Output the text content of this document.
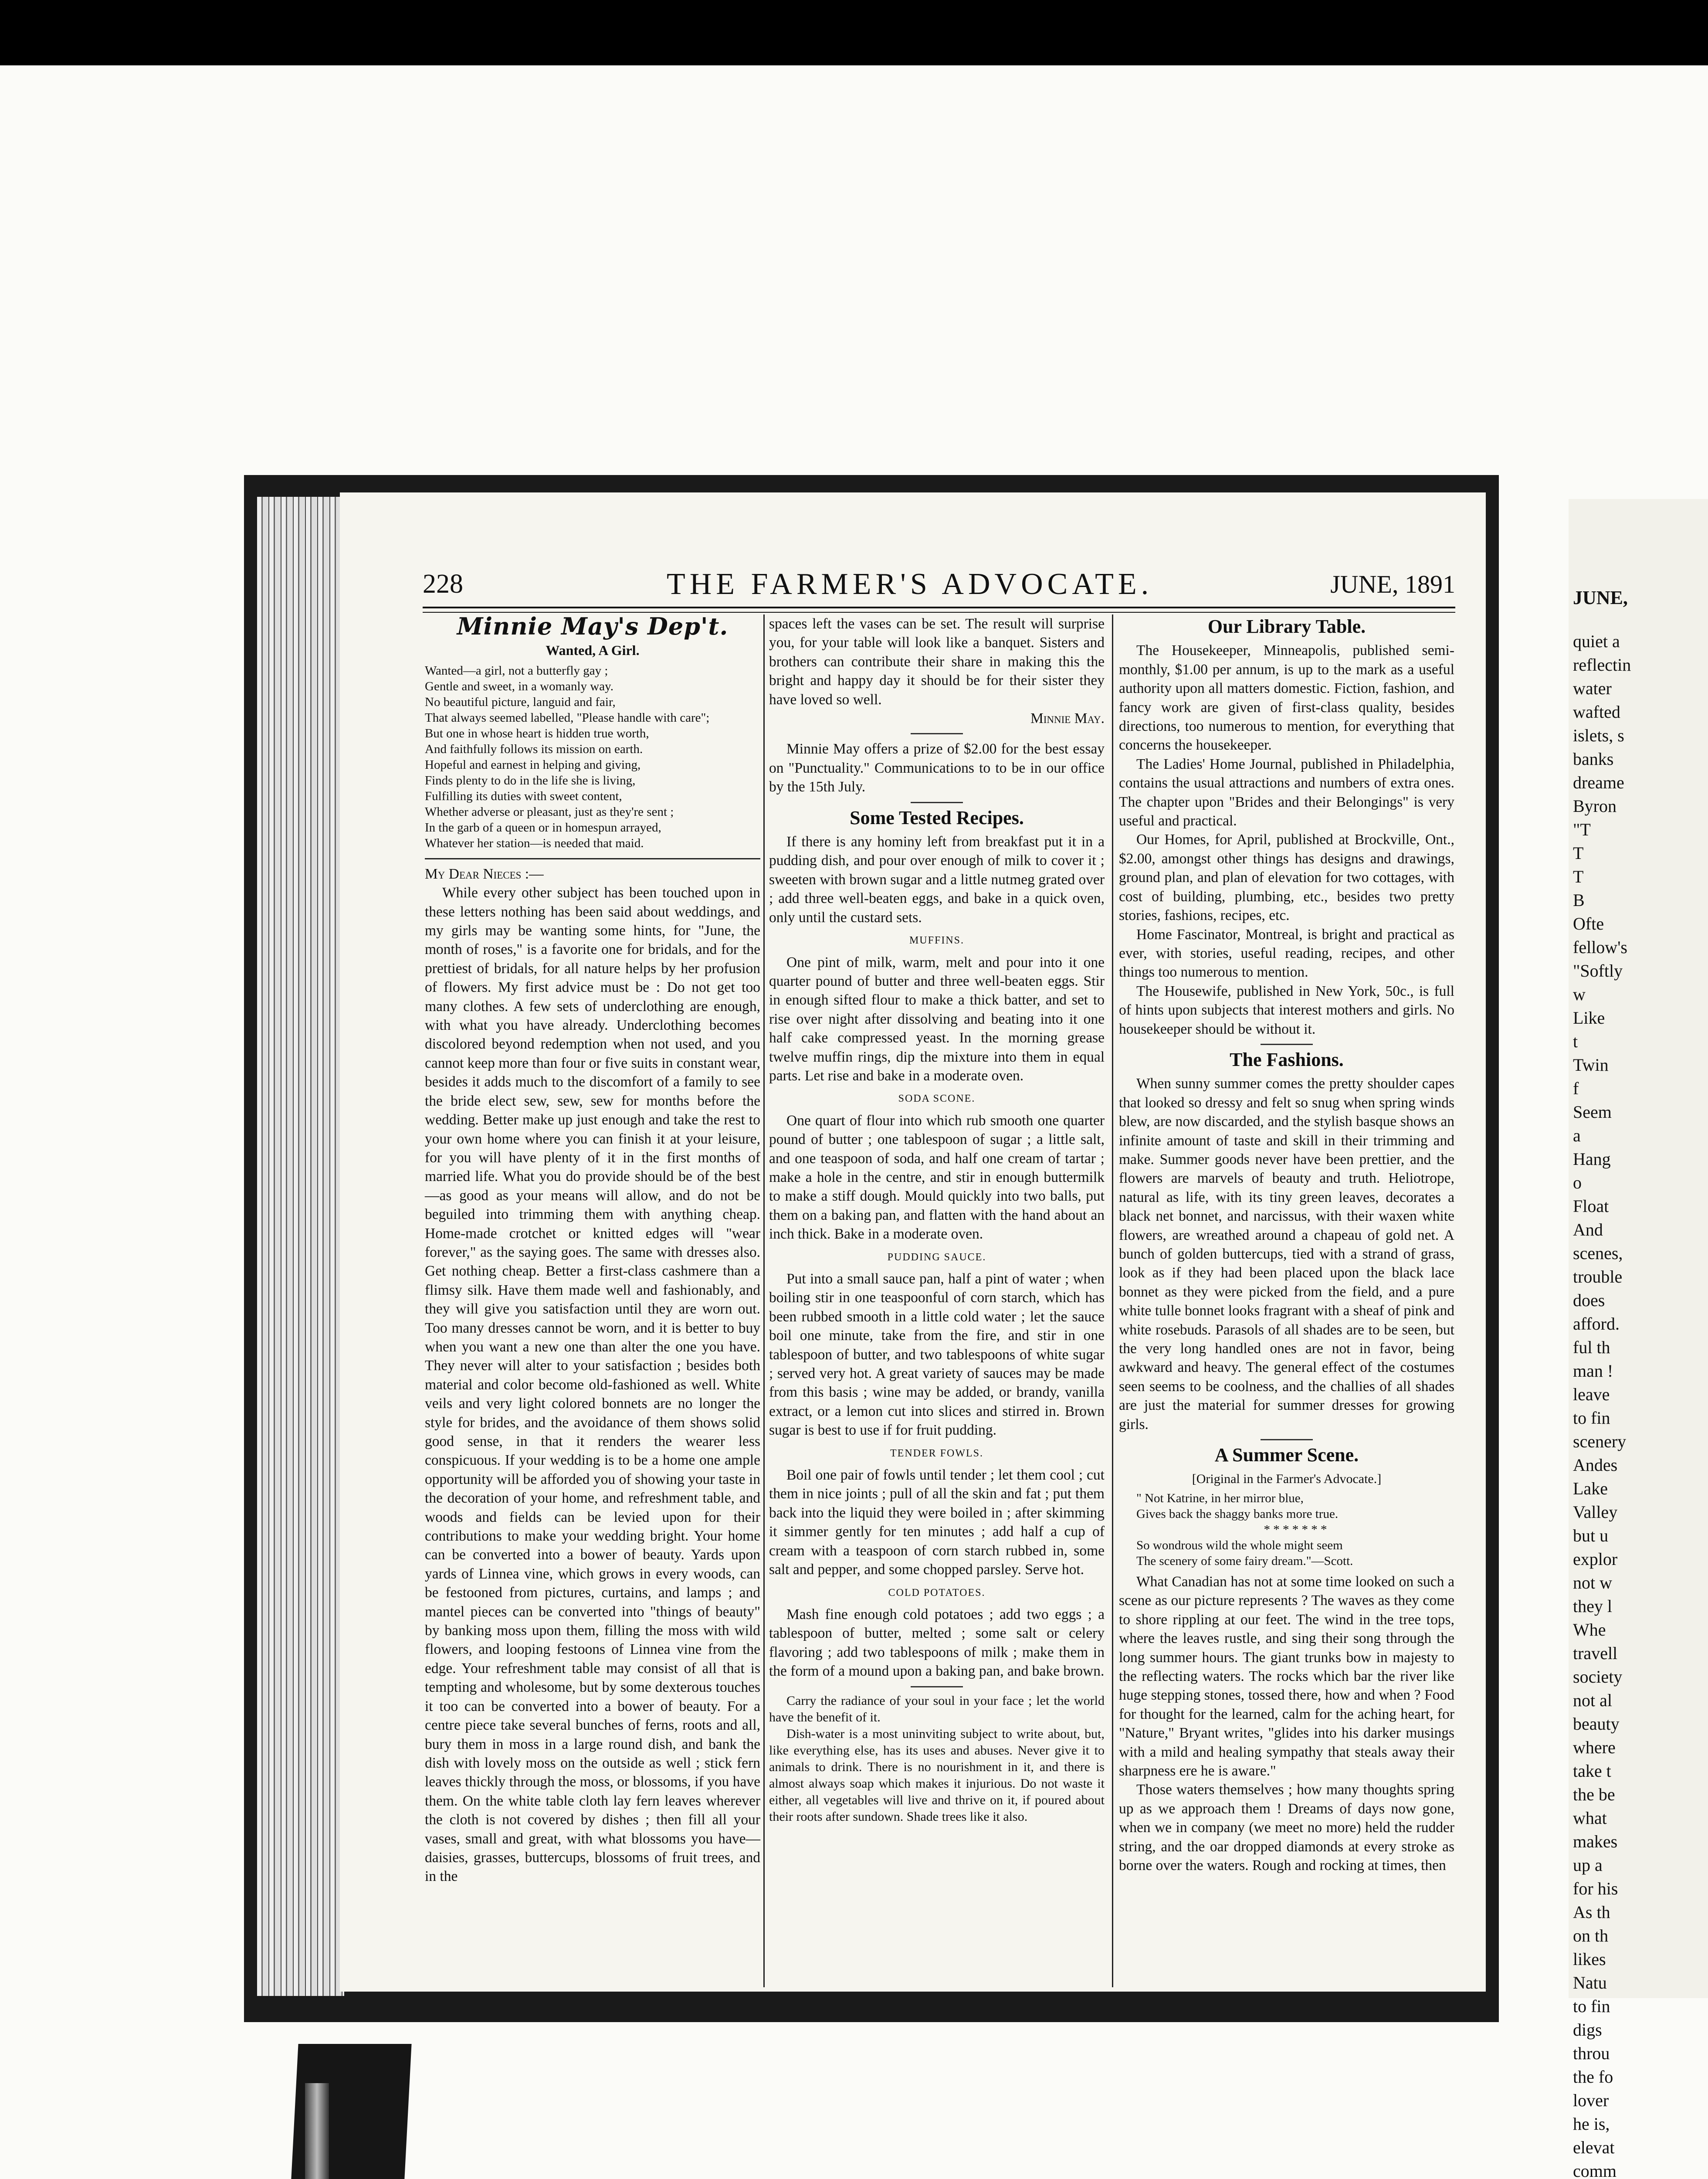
JUNE,
quiet a
reflectin
water
wafted
islets, s
banks
dreame
Byron
"T
T
T
B
Ofte
fellow's
"Softly
w
Like
t
Twin
f
Seem
a
Hang
o
Float
And
scenes,
trouble
does
afford.
ful th
man !
leave
to fin
scenery
Andes
Lake
Valley
but u
explor
not w
they l
Whe
travell
society
not al
beauty
where
take t
the be
what
makes
up a
for his
As th
on th
likes
Natu
to fin
digs
throu
the fo
lover
he is,
elevat
comm
228	THE FARMER'S ADVOCATE.	JUNE, 1891
Minnie May's Dep't.
Wanted, A Girl.
Wanted—a girl, not a butterfly gay ;
Gentle and sweet, in a womanly way.
No beautiful picture, languid and fair,
That always seemed labelled, "Please handle with care";
But one in whose heart is hidden true worth,
And faithfully follows its mission on earth.
Hopeful and earnest in helping and giving,
Finds plenty to do in the life she is living,
Fulfilling its duties with sweet content,
Whether adverse or pleasant, just as they're sent ;
In the garb of a queen or in homespun arrayed,
Whatever her station—is needed that maid.

My Dear Nieces :—

While every other subject has been touched upon in these letters nothing has been said about weddings, and my girls may be wanting some hints, for "June, the month of roses," is a favorite one for bridals, and for the prettiest of bridals, for all nature helps by her profusion of flowers. My first advice must be : Do not get too many clothes. A few sets of underclothing are enough, with what you have already. Underclothing becomes discolored beyond redemption when not used, and you cannot keep more than four or five suits in constant wear, besides it adds much to the discomfort of a family to see the bride elect sew, sew, sew for months before the wedding. Better make up just enough and take the rest to your own home where you can finish it at your leisure, for you will have plenty of it in the first months of married life. What you do provide should be of the best—as good as your means will allow, and do not be beguiled into trimming them with anything cheap. Home-made crotchet or knitted edges will "wear forever," as the saying goes. The same with dresses also. Get nothing cheap. Better a first-class cashmere than a flimsy silk. Have them made well and fashionably, and they will give you satisfaction until they are worn out. Too many dresses cannot be worn, and it is better to buy when you want a new one than alter the one you have. They never will alter to your satisfaction ; besides both material and color become old-fashioned as well. White veils and very light colored bonnets are no longer the style for brides, and the avoidance of them shows solid good sense, in that it renders the wearer less conspicuous. If your wedding is to be a home one ample opportunity will be afforded you of showing your taste in the decoration of your home, and refreshment table, and woods and fields can be levied upon for their contributions to make your wedding bright. Your home can be converted into a bower of beauty. Yards upon yards of Linnea vine, which grows in every woods, can be festooned from pictures, curtains, and lamps ; and mantel pieces can be converted into "things of beauty" by banking moss upon them, filling the moss with wild flowers, and looping festoons of Linnea vine from the edge. Your refreshment table may consist of all that is tempting and wholesome, but by some dexterous touches it too can be converted into a bower of beauty. For a centre piece take several bunches of ferns, roots and all, bury them in moss in a large round dish, and bank the dish with lovely moss on the outside as well ; stick fern leaves thickly through the moss, or blossoms, if you have them. On the white table cloth lay fern leaves wherever the cloth is not covered by dishes ; then fill all your vases, small and great, with what blossoms you have—daisies, grasses, buttercups, blossoms of fruit trees, and in the

spaces left the vases can be set. The result will surprise you, for your table will look like a banquet. Sisters and brothers can contribute their share in making this the bright and happy day it should be for their sister they have loved so well.

Minnie May.

Minnie May offers a prize of $2.00 for the best essay on "Punctuality." Communications to to be in our office by the 15th July.

Some Tested Recipes.

If there is any hominy left from breakfast put it in a pudding dish, and pour over enough of milk to cover it ; sweeten with brown sugar and a little nutmeg grated over ; add three well-beaten eggs, and bake in a quick oven, only until the custard sets.

MUFFINS.

One pint of milk, warm, melt and pour into it one quarter pound of butter and three well-beaten eggs. Stir in enough sifted flour to make a thick batter, and set to rise over night after dissolving and beating into it one half cake compressed yeast. In the morning grease twelve muffin rings, dip the mixture into them in equal parts. Let rise and bake in a moderate oven.

SODA SCONE.

One quart of flour into which rub smooth one quarter pound of butter ; one tablespoon of sugar ; a little salt, and one teaspoon of soda, and half one cream of tartar ; make a hole in the centre, and stir in enough buttermilk to make a stiff dough. Mould quickly into two balls, put them on a baking pan, and flatten with the hand about an inch thick. Bake in a moderate oven.

PUDDING SAUCE.

Put into a small sauce pan, half a pint of water ; when boiling stir in one teaspoonful of corn starch, which has been rubbed smooth in a little cold water ; let the sauce boil one minute, take from the fire, and stir in one tablespoon of butter, and two tablespoons of white sugar ; served very hot. A great variety of sauces may be made from this basis ; wine may be added, or brandy, vanilla extract, or a lemon cut into slices and stirred in. Brown sugar is best to use if for fruit pudding.

TENDER FOWLS.

Boil one pair of fowls until tender ; let them cool ; cut them in nice joints ; pull of all the skin and fat ; put them back into the liquid they were boiled in ; after skimming it simmer gently for ten minutes ; add half a cup of cream with a teaspoon of corn starch rubbed in, some salt and pepper, and some chopped parsley. Serve hot.

COLD POTATOES.

Mash fine enough cold potatoes ; add two eggs ; a tablespoon of butter, melted ; some salt or celery flavoring ; add two tablespoons of milk ; make them in the form of a mound upon a baking pan, and bake brown.

Carry the radiance of your soul in your face ; let the world have the benefit of it.

Dish-water is a most uninviting subject to write about, but, like everything else, has its uses and abuses. Never give it to animals to drink. There is no nourishment in it, and there is almost always soap which makes it injurious. Do not waste it either, all vegetables will live and thrive on it, if poured about their roots after sundown. Shade trees like it also.

Our Library Table.

The Housekeeper, Minneapolis, published semi-monthly, $1.00 per annum, is up to the mark as a useful authority upon all matters domestic. Fiction, fashion, and fancy work are given of first-class quality, besides directions, too numerous to mention, for everything that concerns the housekeeper.

The Ladies' Home Journal, published in Philadelphia, contains the usual attractions and numbers of extra ones. The chapter upon "Brides and their Belongings" is very useful and practical.

Our Homes, for April, published at Brockville, Ont., $2.00, amongst other things has designs and drawings, ground plan, and plan of elevation for two cottages, with cost of building, plumbing, etc., besides two pretty stories, fashions, recipes, etc.

Home Fascinator, Montreal, is bright and practical as ever, with stories, useful reading, recipes, and other things too numerous to mention.

The Housewife, published in New York, 50c., is full of hints upon subjects that interest mothers and girls. No housekeeper should be without it.

The Fashions.

When sunny summer comes the pretty shoulder capes that looked so dressy and felt so snug when spring winds blew, are now discarded, and the stylish basque shows an infinite amount of taste and skill in their trimming and make. Summer goods never have been prettier, and the flowers are marvels of beauty and truth. Heliotrope, natural as life, with its tiny green leaves, decorates a black net bonnet, and narcissus, with their waxen white flowers, are wreathed around a chapeau of gold net. A bunch of golden buttercups, tied with a strand of grass, look as if they had been placed upon the black lace bonnet as they were picked from the field, and a pure white tulle bonnet looks fragrant with a sheaf of pink and white rosebuds. Parasols of all shades are to be seen, but the very long handled ones are not in favor, being awkward and heavy. The general effect of the costumes seen seems to be coolness, and the challies of all shades are just the material for summer dresses for growing girls.

A Summer Scene.

[Original in the Farmer's Advocate.]

" Not Katrine, in her mirror blue,
Gives back the shaggy banks more true.
* * * * * * *
So wondrous wild the whole might seem
The scenery of some fairy dream."—Scott.

What Canadian has not at some time looked on such a scene as our picture represents ? The waves as they come to shore rippling at our feet. The wind in the tree tops, where the leaves rustle, and sing their song through the long summer hours. The giant trunks bow in majesty to the reflecting waters. The rocks which bar the river like huge stepping stones, tossed there, how and when ? Food for thought for the learned, calm for the aching heart, for "Nature," Bryant writes, "glides into his darker musings with a mild and healing sympathy that steals away their sharpness ere he is aware."

Those waters themselves ; how many thoughts spring up as we approach them ! Dreams of days now gone, when we in company (we meet no more) held the rudder string, and the oar dropped diamonds at every stroke as borne over the waters. Rough and rocking at times, then
